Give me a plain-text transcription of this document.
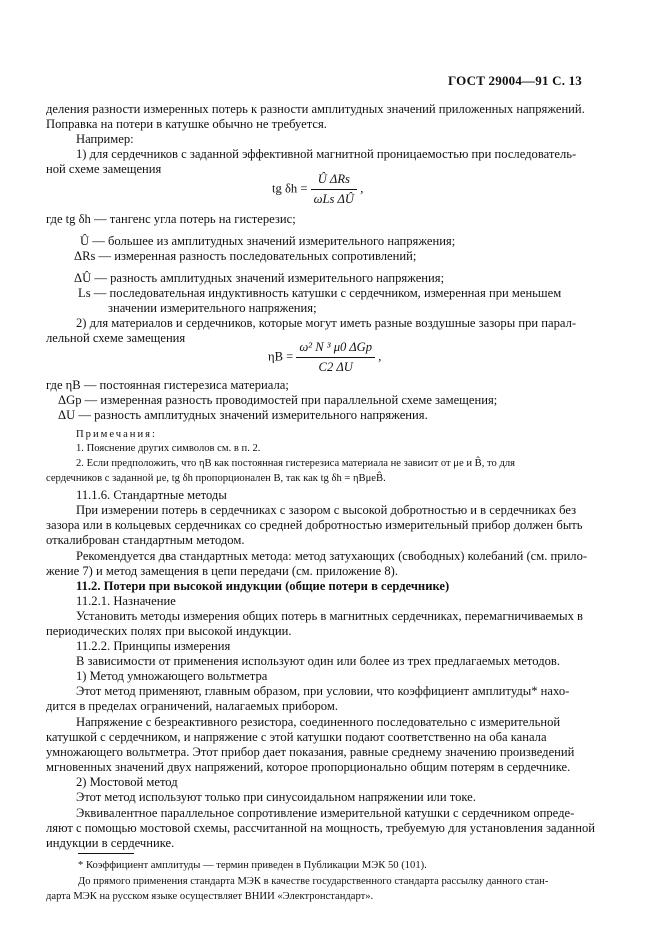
ГОСТ 29004—91 С. 13
деления разности измеренных потерь к разности амплитудных значений приложенных напряжений.
Поправка на потери в катушке обычно не требуется.
Например:
1) для сердечников с заданной эффективной магнитной проницаемостью при последователь-
ной схеме замещения
tg $\delta h = \frac{\text{Û ΔRs}}{\text{ωLs ΔÛ}}$ ,
где tg δh — тангенс угла потерь на гистерезис;
Û — большее из амплитудных значений измерительного напряжения;
ΔRs — измеренная разность последовательных сопротивлений;
ΔÛ — разность амплитудных значений измерительного напряжения;
Ls — последовательная индуктивность катушки с сердечником, измеренная при меньшем
значении измерительного напряжения;
2) для материалов и сердечников, которые могут иметь разные воздушные зазоры при парал-
лельной схеме замещения
$\eta B = \frac{\text{ω² N ³ μ0 ΔGp}}{C2 \Delta U}$ ,
где ηB — постоянная гистерезиса материала;
ΔGp — измеренная разность проводимостей при параллельной схеме замещения;
ΔU — разность амплитудных значений измерительного напряжения.
Примечания:
1. Пояснение других символов см. в п. 2.
2. Если предположить, что ηB как постоянная гистерезиса материала не зависит от μe и B̂, то для
сердечников с заданной μe, tg δh пропорционален B, так как tg δh = ηBμeB̂.
11.1.6. Стандартные методы
При измерении потерь в сердечниках с зазором с высокой добротностью и в сердечниках без
зазора или в кольцевых сердечниках со средней добротностью измерительный прибор должен быть
откалиброван стандартным методом.
Рекомендуется два стандартных метода: метод затухающих (свободных) колебаний (см. прило-
жение 7) и метод замещения в цепи передачи (см. приложение 8).
11.2. Потери при высокой индукции (общие потери в сердечнике)
11.2.1. Назначение
Установить методы измерения общих потерь в магнитных сердечниках, перемагничиваемых в
периодических полях при высокой индукции.
11.2.2. Принципы измерения
В зависимости от применения используют один или более из трех предлагаемых методов.
1) Метод умножающего вольтметра
Этот метод применяют, главным образом, при условии, что коэффициент амплитуды* нахо-
дится в пределах ограничений, налагаемых прибором.
Напряжение с безреактивного резистора, соединенного последовательно с измерительной
катушкой с сердечником, и напряжение с этой катушки подают соответственно на оба канала
умножающего вольтметра. Этот прибор дает показания, равные среднему значению произведений
мгновенных значений двух напряжений, которое пропорционально общим потерям в сердечнике.
2) Мостовой метод
Этот метод используют только при синусоидальном напряжении или токе.
Эквивалентное параллельное сопротивление измерительной катушки с сердечником опреде-
ляют с помощью мостовой схемы, рассчитанной на мощность, требуемую для установления заданной
индукции в сердечнике.
* Коэффициент амплитуды — термин приведен в Публикации МЭК 50 (101).
До прямого применения стандарта МЭК в качестве государственного стандарта рассылку данного стан-
дарта МЭК на русском языке осуществляет ВНИИ «Электронстандарт».
